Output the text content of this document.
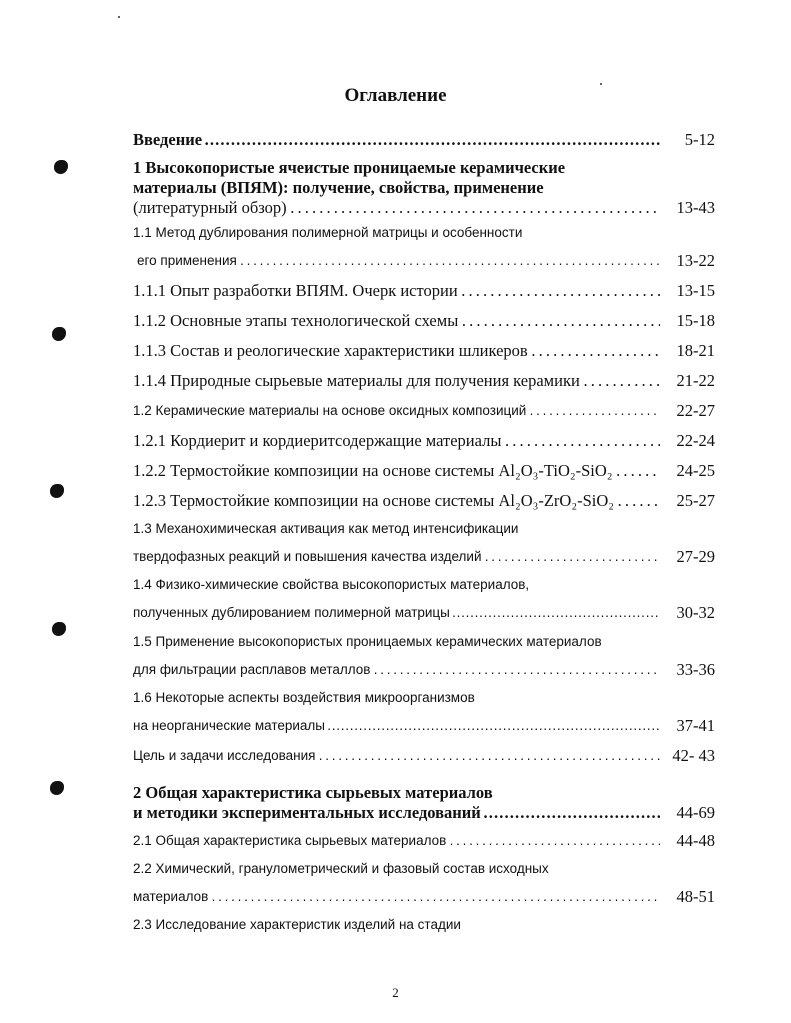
Оглавление
Введение . . .	5-12
1 Высокопористые ячеистые проницаемые керамические
материалы (ВПЯМ): получение, свойства, применение
(литературный обзор) . . .	13-43
1.1 Метод дублирования полимерной матрицы и особенности
его применения . . .	13-22
1.1.1 Опыт разработки ВПЯМ. Очерк истории . . .	13-15
1.1.2 Основные этапы технологической схемы . . .	15-18
1.1.3 Состав и реологические характеристики шликеров . . .	18-21
1.1.4 Природные сырьевые материалы для получения керамики . . .	21-22
1.2 Керамические материалы на основе оксидных композиций . . .	22-27
1.2.1 Кордиерит и кордиеритсодержащие материалы . . .	22-24
1.2.2 Термостойкие композиции на основе системы Al₂O₃-TiO₂-SiO₂ . . .	24-25
1.2.3 Термостойкие композиции на основе системы Al₂O₃-ZrO₂-SiO₂ . . .	25-27
1.3 Механохимическая активация как метод интенсификации
твердофазных реакций и повышения качества изделий . . .	27-29
1.4 Физико-химические свойства высокопористых материалов,
полученных дублированием полимерной матрицы . . .	30-32
1.5 Применение высокопористых проницаемых керамических материалов
для фильтрации расплавов металлов . . .	33-36
1.6 Некоторые аспекты воздействия микроорганизмов
на неорганические материалы . . .	37-41
Цель и задачи исследования . . .	42- 43
2 Общая характеристика сырьевых материалов
и методики экспериментальных исследований . . .	44-69
2.1 Общая характеристика сырьевых материалов . . .	44-48
2.2 Химический, гранулометрический и фазовый состав исходных
материалов . . .	48-51
2.3 Исследование характеристик изделий на стадии
2
